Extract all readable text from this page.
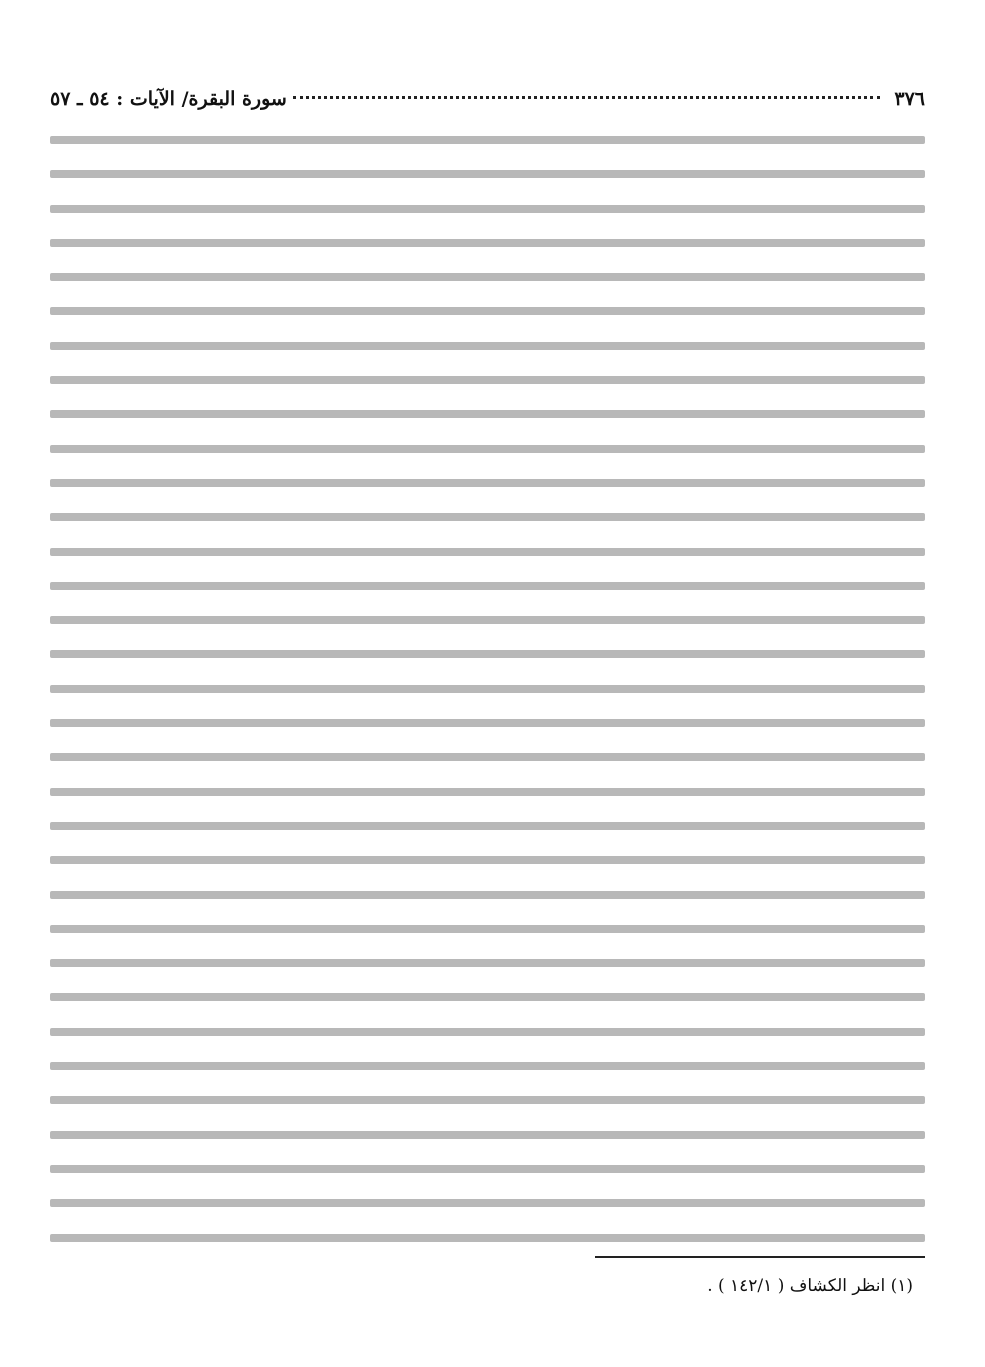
٣٧٦
سورة البقرة/ الآيات : ٥٤ ـ ٥٧
(١) انظر الكشاف ( ١٤٢/١ ) .
